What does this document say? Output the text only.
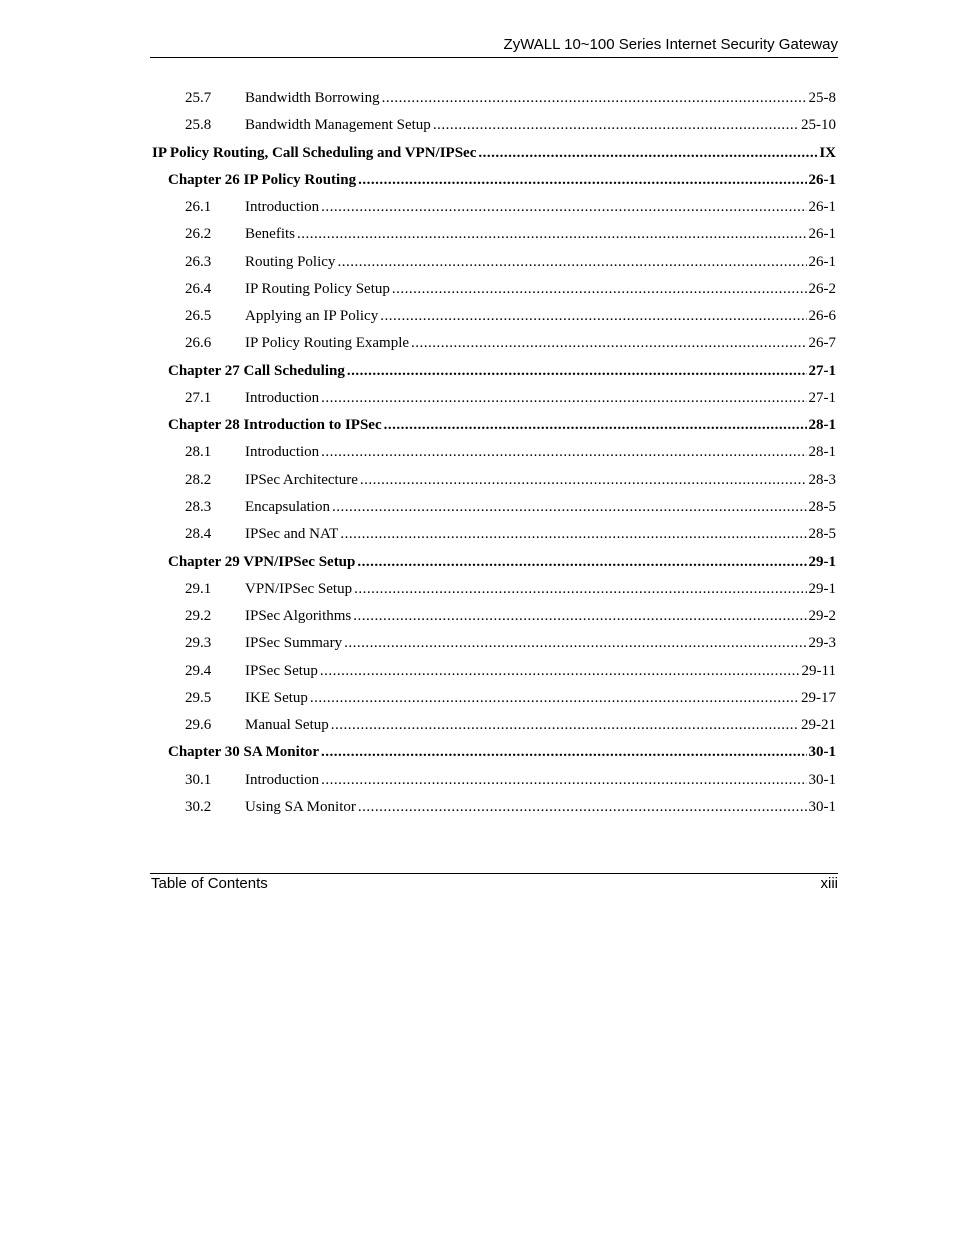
ZyWALL 10~100 Series Internet Security Gateway
25.7	Bandwidth Borrowing .....	25-8
25.8	Bandwidth Management Setup .....	25-10
IP Policy Routing, Call Scheduling and VPN/IPSec .....	IX
Chapter 26 IP Policy Routing .....	26-1
26.1	Introduction .....	26-1
26.2	Benefits .....	26-1
26.3	Routing Policy .....	26-1
26.4	IP Routing Policy Setup .....	26-2
26.5	Applying an IP Policy .....	26-6
26.6	IP Policy Routing Example .....	26-7
Chapter 27 Call Scheduling .....	27-1
27.1	Introduction .....	27-1
Chapter 28 Introduction to IPSec .....	28-1
28.1	Introduction .....	28-1
28.2	IPSec Architecture .....	28-3
28.3	Encapsulation .....	28-5
28.4	IPSec and NAT .....	28-5
Chapter 29 VPN/IPSec Setup .....	29-1
29.1	VPN/IPSec Setup .....	29-1
29.2	IPSec Algorithms .....	29-2
29.3	IPSec Summary .....	29-3
29.4	IPSec Setup .....	29-11
29.5	IKE Setup .....	29-17
29.6	Manual Setup .....	29-21
Chapter 30 SA Monitor .....	30-1
30.1	Introduction .....	30-1
30.2	Using SA Monitor .....	30-1
Table of Contents	xiii
